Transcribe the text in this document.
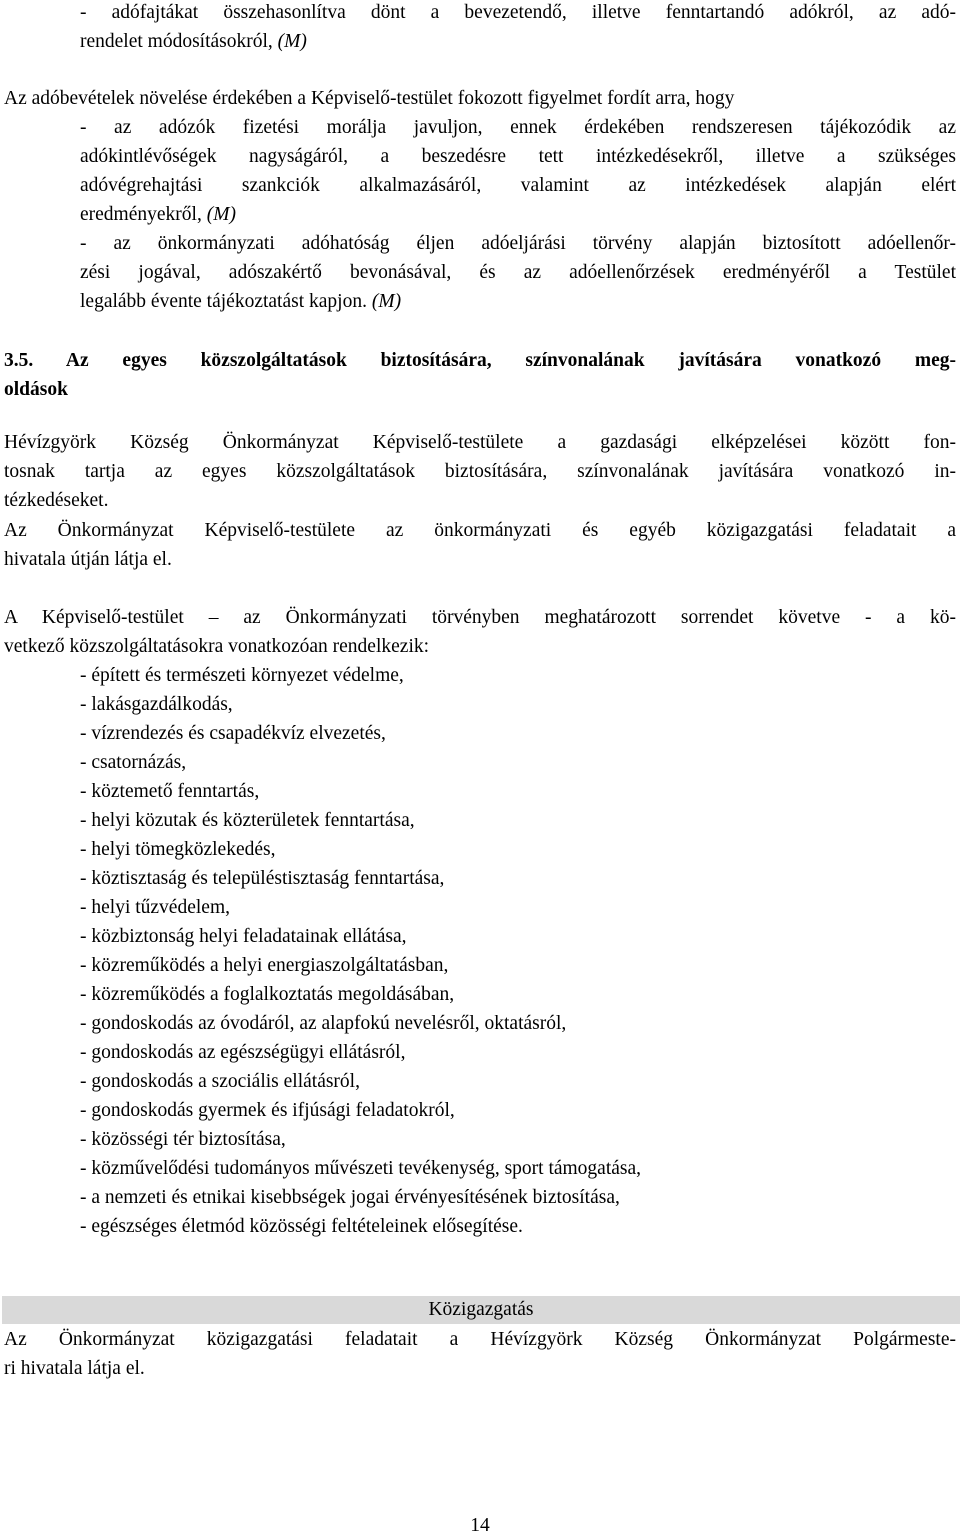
- adófajtákat összehasonlítva dönt a bevezetendő, illetve fenntartandó adókról, az adó-
rendelet módosításokról, (M)
Az adóbevételek növelése érdekében a Képviselő-testület fokozott figyelmet fordít arra, hogy
- az adózók fizetési morálja javuljon, ennek érdekében rendszeresen tájékozódik az
adókintlévőségek nagyságáról, a beszedésre tett intézkedésekről, illetve a szükséges
adóvégrehajtási szankciók alkalmazásáról, valamint az intézkedések alapján elért
eredményekről, (M)
- az önkormányzati adóhatóság éljen adóeljárási törvény alapján biztosított adóellenőr-
zési jogával, adószakértő bevonásával, és az adóellenőrzések eredményéről a Testület
legalább évente tájékoztatást kapjon. (M)
3.5. Az egyes közszolgáltatások biztosítására, színvonalának javítására vonatkozó meg-
oldások
Hévízgyörk Község Önkormányzat Képviselő-testülete a gazdasági elképzelései között fon-
tosnak tartja az egyes közszolgáltatások biztosítására, színvonalának javítására vonatkozó in-
tézkedéseket.
Az Önkormányzat Képviselő-testülete az önkormányzati és egyéb közigazgatási feladatait a
hivatala útján látja el.
A Képviselő-testület – az Önkormányzati törvényben meghatározott sorrendet követve - a kö-
vetkező közszolgáltatásokra vonatkozóan rendelkezik:
- épített és természeti környezet védelme,
- lakásgazdálkodás,
- vízrendezés és csapadékvíz elvezetés,
- csatornázás,
- köztemető fenntartás,
- helyi közutak és közterületek fenntartása,
- helyi tömegközlekedés,
- köztisztaság és településtisztaság fenntartása,
- helyi tűzvédelem,
- közbiztonság helyi feladatainak ellátása,
- közreműködés a helyi energiaszolgáltatásban,
- közreműködés a foglalkoztatás megoldásában,
- gondoskodás az óvodáról, az alapfokú nevelésről, oktatásról,
- gondoskodás az egészségügyi ellátásról,
- gondoskodás a szociális ellátásról,
- gondoskodás gyermek és ifjúsági feladatokról,
- közösségi tér biztosítása,
- közművelődési tudományos művészeti tevékenység, sport támogatása,
- a nemzeti és etnikai kisebbségek jogai érvényesítésének biztosítása,
- egészséges életmód közösségi feltételeinek elősegítése.
Közigazgatás
Az Önkormányzat közigazgatási feladatait a Hévízgyörk Község Önkormányzat Polgármeste-
ri hivatala látja el.
14
